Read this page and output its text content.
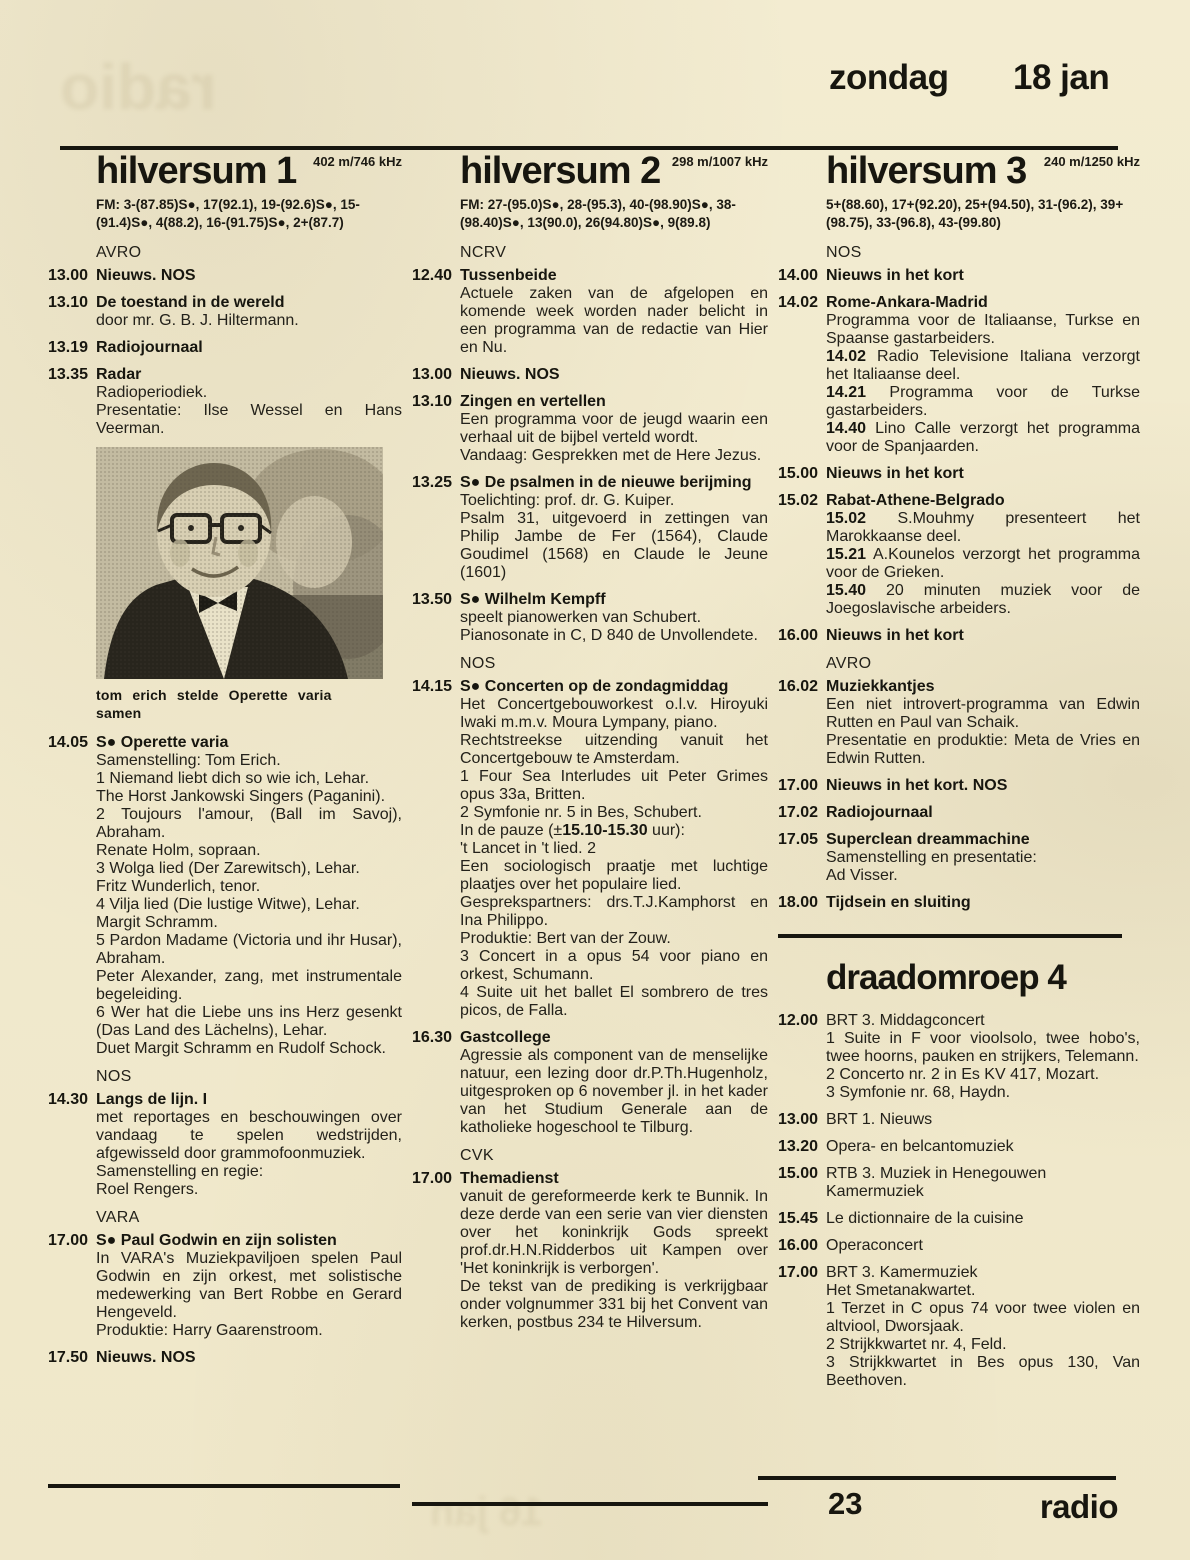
radio
16 jan
zondag 18 jan
hilversum 1 402 m/746 kHz

FM: 3-(87.85)S●, 17(92.1), 19-(92.6)S●, 15-(91.4)S●, 4(88.2), 16-(91.75)S●, 2+(87.7)

AVRO
13.00 Nieuws. NOS

13.10 De toestand in de wereld

door mr. G. B. J. Hiltermann.

13.19 Radiojournaal

13.35 Radar

Radioperiodiek.

Presentatie: Ilse Wessel en Hans Veerman.

tom erich stelde Operette varia samen
14.05 S● Operette varia

Samenstelling: Tom Erich.

1 Niemand liebt dich so wie ich, Lehar.

The Horst Jankowski Singers (Paganini).

2 Toujours l'amour, (Ball im Savoj), Abraham.

Renate Holm, sopraan.

3 Wolga lied (Der Zarewitsch), Lehar.

Fritz Wunderlich, tenor.

4 Vilja lied (Die lustige Witwe), Lehar.

Margit Schramm.

5 Pardon Madame (Victoria und ihr Husar), Abraham.

Peter Alexander, zang, met instrumentale begeleiding.

6 Wer hat die Liebe uns ins Herz gesenkt (Das Land des Lächelns), Lehar.

Duet Margit Schramm en Rudolf Schock.

NOS
14.30 Langs de lijn. I

met reportages en beschouwingen over vandaag te spelen wedstrijden, afgewisseld door grammofoonmuziek.

Samenstelling en regie:

Roel Rengers.

VARA
17.00 S● Paul Godwin en zijn solisten

In VARA's Muziekpaviljoen spelen Paul Godwin en zijn orkest, met solistische medewerking van Bert Robbe en Gerard Hengeveld.

Produktie: Harry Gaarenstroom.

17.50 Nieuws. NOS

hilversum 2 298 m/1007 kHz

FM: 27-(95.0)S●, 28-(95.3), 40-(98.90)S●, 38-(98.40)S●, 13(90.0), 26(94.80)S●, 9(89.8)

NCRV
12.40 Tussenbeide

Actuele zaken van de afgelopen en komende week worden nader belicht in een programma van de redactie van Hier en Nu.

13.00 Nieuws. NOS

13.10 Zingen en vertellen

Een programma voor de jeugd waarin een verhaal uit de bijbel verteld wordt.

Vandaag: Gesprekken met de Here Jezus.

13.25 S● De psalmen in de nieuwe berijming

Toelichting: prof. dr. G. Kuiper.

Psalm 31, uitgevoerd in zettingen van Philip Jambe de Fer (1564), Claude Goudimel (1568) en Claude le Jeune (1601)

13.50 S● Wilhelm Kempff

speelt pianowerken van Schubert.

Pianosonate in C, D 840 de Unvollendete.

NOS
14.15 S● Concerten op de zondagmiddag

Het Concertgebouworkest o.l.v. Hiroyuki Iwaki m.m.v. Moura Lympany, piano.

Rechtstreekse uitzending vanuit het Concertgebouw te Amsterdam.

1 Four Sea Interludes uit Peter Grimes opus 33a, Britten.

2 Symfonie nr. 5 in Bes, Schubert.

In de pauze (±15.10-15.30 uur):

't Lancet in 't lied. 2

Een sociologisch praatje met luchtige plaatjes over het populaire lied.

Gesprekspartners: drs.T.J.Kamphorst en Ina Philippo.

Produktie: Bert van der Zouw.

3 Concert in a opus 54 voor piano en orkest, Schumann.

4 Suite uit het ballet El sombrero de tres picos, de Falla.

16.30 Gastcollege

Agressie als component van de menselijke natuur, een lezing door dr.P.Th.Hugenholz, uitgesproken op 6 november jl. in het kader van het Studium Generale aan de katholieke hogeschool te Tilburg.

CVK
17.00 Themadienst

vanuit de gereformeerde kerk te Bunnik. In deze derde van een serie van vier diensten over het koninkrijk Gods spreekt prof.dr.H.N.Ridderbos uit Kampen over 'Het koninkrijk is verborgen'.

De tekst van de prediking is verkrijgbaar onder volgnummer 331 bij het Convent van kerken, postbus 234 te Hilversum.

hilversum 3 240 m/1250 kHz

5+(88.60), 17+(92.20), 25+(94.50), 31-(96.2), 39+(98.75), 33-(96.8), 43-(99.80)

NOS
14.00 Nieuws in het kort

14.02 Rome-Ankara-Madrid

Programma voor de Italiaanse, Turkse en Spaanse gastarbeiders.

14.02 Radio Televisione Italiana verzorgt het Italiaanse deel.

14.21 Programma voor de Turkse gastarbeiders.

14.40 Lino Calle verzorgt het programma voor de Spanjaarden.

15.00 Nieuws in het kort

15.02 Rabat-Athene-Belgrado

15.02 S.Mouhmy presenteert het Marokkaanse deel.

15.21 A.Kounelos verzorgt het programma voor de Grieken.

15.40 20 minuten muziek voor de Joegoslavische arbeiders.

16.00 Nieuws in het kort

AVRO
16.02 Muziekkantjes

Een niet introvert-programma van Edwin Rutten en Paul van Schaik.

Presentatie en produktie: Meta de Vries en Edwin Rutten.

17.00 Nieuws in het kort. NOS

17.02 Radiojournaal

17.05 Superclean dreammachine

Samenstelling en presentatie:

Ad Visser.

18.00 Tijdsein en sluiting

draadomroep 4
12.00 BRT 3. Middagconcert

1 Suite in F voor vioolsolo, twee hobo's, twee hoorns, pauken en strijkers, Telemann.

2 Concerto nr. 2 in Es KV 417, Mozart.

3 Symfonie nr. 68, Haydn.

13.00 BRT 1. Nieuws

13.20 Opera- en belcantomuziek

15.00 RTB 3. Muziek in Henegouwen

Kamermuziek

15.45 Le dictionnaire de la cuisine

16.00 Operaconcert

17.00 BRT 3. Kamermuziek

Het Smetanakwartet.

1 Terzet in C opus 74 voor twee violen en altviool, Dworsjaak.

2 Strijkkwartet nr. 4, Feld.

3 Strijkkwartet in Bes opus 130, Van Beethoven.

23	radio
